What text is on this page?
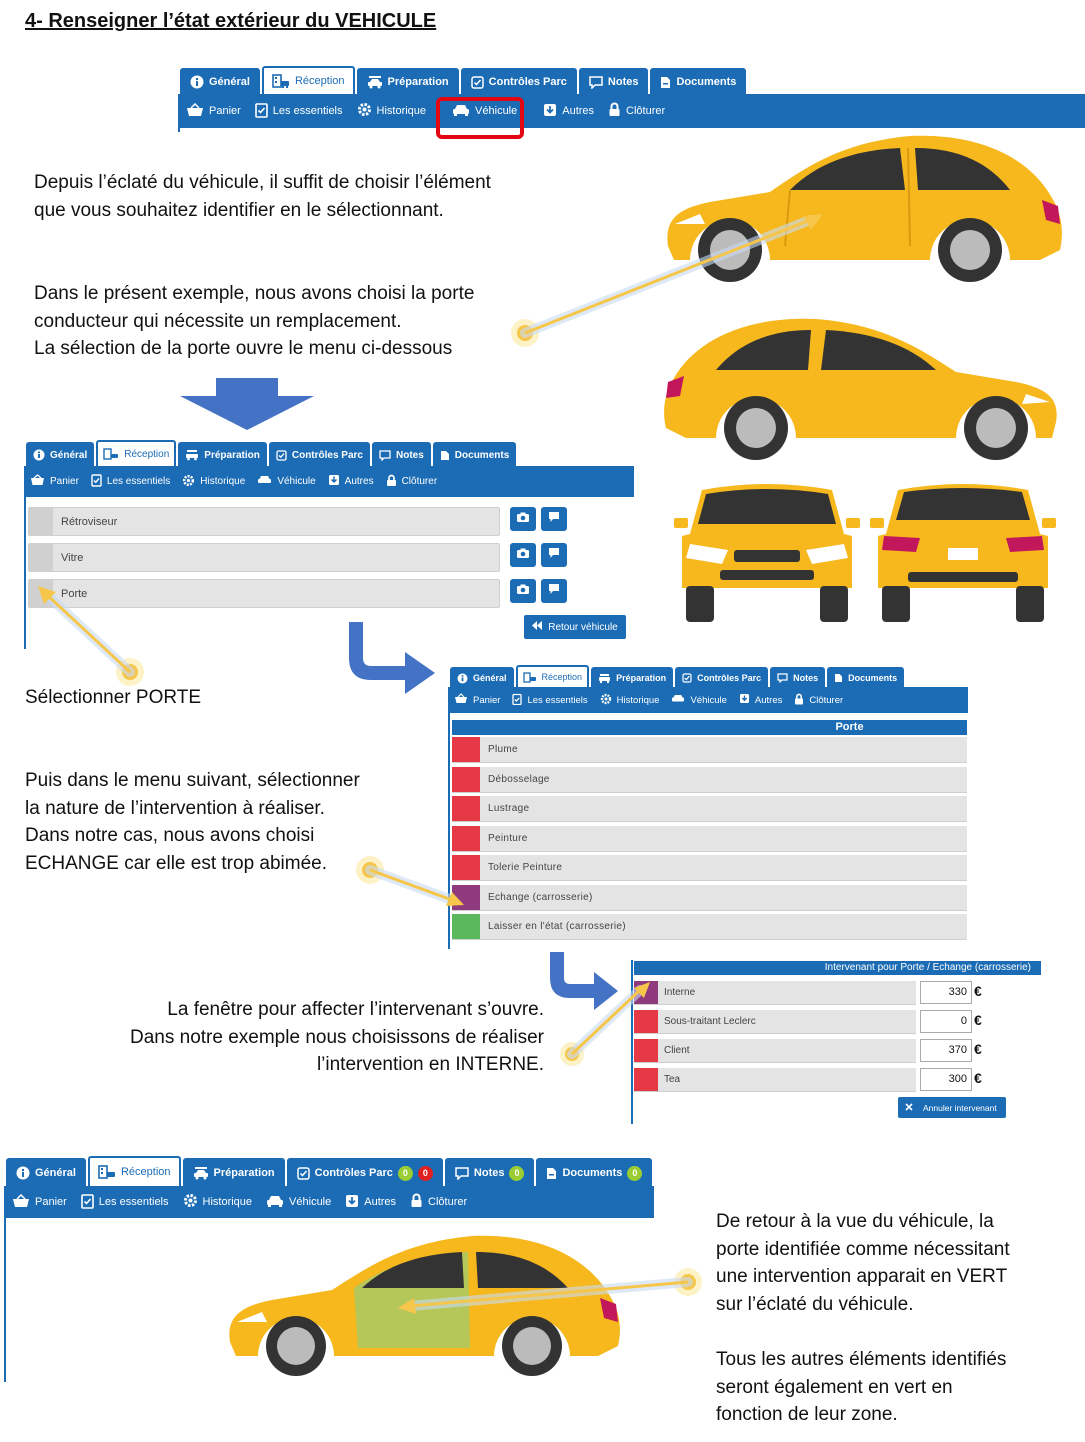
4- Renseigner l’état extérieur du VEHICULE
Général	Réception	Préparation	Contrôles Parc	Notes	Documents
Panier	Les essentiels	Historique	Véhicule	Autres	Clôturer
Depuis l’éclaté du véhicule, il suffit de choisir l’élément
que vous souhaitez identifier en le sélectionnant.
Dans le présent exemple, nous avons choisi la porte
conducteur qui nécessite un remplacement.
La sélection de la porte ouvre le menu ci-dessous
Général	Réception	Préparation	Contrôles Parc	Notes	Documents
Panier	Les essentiels	Historique	Véhicule	Autres	Clôturer
Rétroviseur
Vitre
Porte
Retour véhicule
Sélectionner PORTE
Général	Réception	Préparation	Contrôles Parc	Notes	Documents
Panier	Les essentiels	Historique	Véhicule	Autres	Clôturer
Porte
Plume
Débosselage
Lustrage
Peinture
Tolerie Peinture
Echange (carrosserie)
Laisser en l'état (carrosserie)
Puis dans le menu suivant, sélectionner
la nature de l’intervention à réaliser.
Dans notre cas, nous avons choisi
ECHANGE car elle est trop abimée.
Intervenant pour Porte / Echange (carrosserie)
Interne	330 €
Sous-traitant Leclerc	0 €
Client	370 €
Tea	300 €
Annuler intervenant
La fenêtre pour affecter l’intervenant s’ouvre.
Dans notre exemple nous choisissons de réaliser
l’intervention en INTERNE.
Général	Réception	Préparation	Contrôles Parc	0	0	Notes	0	Documents	0
Panier	Les essentiels	Historique	Véhicule	Autres	Clôturer
De retour à la vue du véhicule, la
porte identifiée comme nécessitant
une intervention apparait en VERT
sur l’éclaté du véhicule.
Tous les autres éléments identifiés
seront également en vert en
fonction de leur zone.
